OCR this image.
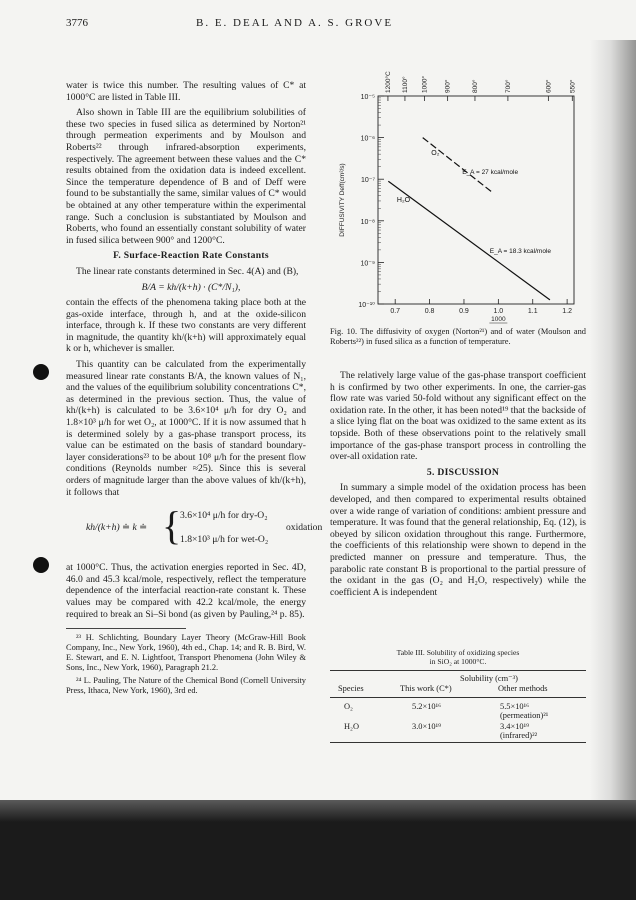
3776	B. E. DEAL AND A. S. GROVE

water is twice this number. The resulting values of C* at 1000°C are listed in Table III.

Also shown in Table III are the equilibrium solubilities of these two species in fused silica as determined by Norton²¹ through permeation experiments and by Moulson and Roberts²² through infrared-absorption experiments, respectively. The agreement between these values and the C* results obtained from the oxidation data is indeed excellent. Since the temperature dependence of B and of Deff were found to be substantially the same, similar values of C* would be obtained at any other temperature within the experimental range. Such a conclusion is substantiated by Moulson and Roberts, who found an essentially constant solubility of water in fused silica between 900° and 1200°C.

F. Surface-Reaction Rate Constants

The linear rate constants determined in Sec. 4(A) and (B),

B/A = kh/(k+h) · (C*/N₁),

contain the effects of the phenomena taking place both at the gas-oxide interface, through h, and at the oxide-silicon interface, through k. If these two constants are very different in magnitude, the quantity kh/(k+h) will approximately equal k or h, whichever is smaller.

This quantity can be calculated from the experimentally measured linear rate constants B/A, the known values of N₁, and the values of the equilibrium solubility concentrations C*, as determined in the previous section. Thus, the value of kh/(k+h) is calculated to be 3.6×10⁴ μ/h for dry O₂ and 1.8×10³ μ/h for wet O₂, at 1000°C. If it is now assumed that h is determined solely by a gas-phase transport process, its value can be estimated on the basis of standard boundary-layer considerations²³ to be about 10⁸ μ/h for the present flow conditions (Reynolds number ≈25). Since this is several orders of magnitude larger than the above values of kh/(k+h), it follows that

kh/(k+h) ≐ k ≐ {
3.6×10⁴ μ/h for dry-O₂
1.8×10³ μ/h for wet-O₂
oxidation

at 1000°C. Thus, the activation energies reported in Sec. 4D, 46.0 and 45.3 kcal/mole, respectively, reflect the temperature dependence of the interfacial reaction-rate constant k. These values may be compared with 42.2 kcal/mole, the energy required to break an Si–Si bond (as given by Pauling,²⁴ p. 85).

²³ H. Schlichting, Boundary Layer Theory (McGraw-Hill Book Company, Inc., New York, 1960), 4th ed., Chap. 14; and R. B. Bird, W. E. Stewart, and E. N. Lightfoot, Transport Phenomena (John Wiley & Sons, Inc., New York, 1960), Paragraph 21.2.

²⁴ L. Pauling, The Nature of the Chemical Bond (Cornell University Press, Ithaca, New York, 1960), 3rd ed.

10⁻⁵
10⁻⁶
10⁻⁷
10⁻⁸
10⁻⁹
10⁻¹⁰
0.7	0.8	0.9	1.0	1.1	1.2
1200°C 1100° 1000° 900°	800°	700°	600°	550°
DIFFUSIVITY Deff(cm²/s)
1000
O₂
E_A = 27 kcal/mole
H₂O
E_A = 18.3 kcal/mole
Fig. 10. The diffusivity of oxygen (Norton²¹) and of water (Moulson and Roberts²²) in fused silica as a function of temperature.

The relatively large value of the gas-phase transport coefficient h is confirmed by two other experiments. In one, the carrier-gas flow rate was varied 50-fold without any significant effect on the oxidation rate. In the other, it has been noted¹⁹ that the backside of a slice lying flat on the boat was oxidized to the same extent as its topside. Both of these observations point to the relatively small importance of the gas-phase transport process in controlling the over-all oxidation rate.

5. DISCUSSION

In summary a simple model of the oxidation process has been developed, and then compared to experimental results obtained over a wide range of variation of conditions: ambient pressure and temperature. It was found that the general relationship, Eq. (12), is obeyed by silicon oxidation throughout this range. Furthermore, the coefficients of this relationship were shown to depend in the predicted manner on pressure and temperature. Thus, the parabolic rate constant B is proportional to the partial pressure of the oxidant in the gas (O₂ and H₂O, respectively) while the coefficient A is independent

Table III. Solubility of oxidizing species
in SiO₂ at 1000°C.
Solubility (cm⁻³)
Species	This work (C*)	Other methods
O₂	5.2×10¹⁶	5.5×10¹⁶
(permeation)²¹
H₂O	3.0×10¹⁹	3.4×10¹⁹
(infrared)²²
